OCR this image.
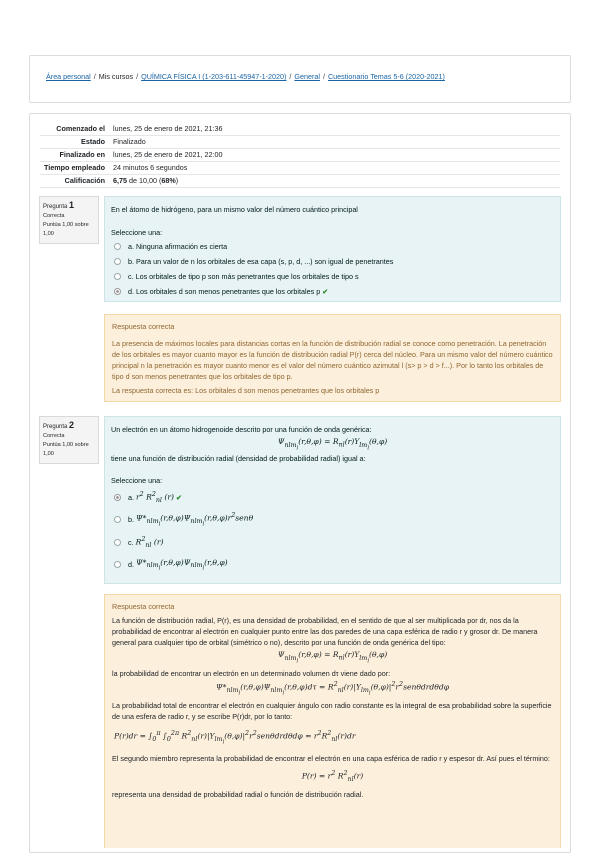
Área personal / Mis cursos / QUÍMICA FÍSICA I (1-203-611-45947-1-2020) / General / Cuestionario Temas 5-6 (2020-2021)
Comenzado el	lunes, 25 de enero de 2021, 21:36
Estado	Finalizado
Finalizado en	lunes, 25 de enero de 2021, 22:00
Tiempo empleado	24 minutos 6 segundos
Calificación	6,75 de 10,00 (68%)
Pregunta 1
Correcta
Puntúa 1,00 sobre 1,00

En el átomo de hidrógeno, para un mismo valor del número cuántico principal

Seleccione una:

a. Ninguna afirmación es cierta
b. Para un valor de n los orbitales de esa capa (s, p, d, ...) son igual de penetrantes
c. Los orbitales de tipo p son más penetrantes que los orbitales de tipo s
d. Los orbitales d son menos penetrantes que los orbitales p ✔

Respuesta correcta

La presencia de máximos locales para distancias cortas en la función de distribución radial se conoce como penetración. La penetración de los orbitales es mayor cuanto mayor es la función de distribución radial P(r) cerca del núcleo. Para un mismo valor del número cuántico principal n la penetración es mayor cuanto menor es el valor del número cuántico azimutal l (s> p > d > f...). Por lo tanto los orbitales de tipo d son menos penetrantes que los orbitales de tipo p.

La respuesta correcta es: Los orbitales d son menos penetrantes que los orbitales p

Pregunta 2
Correcta
Puntúa 1,00 sobre 1,00

Un electrón en un átomo hidrogenoide descrito por una función de onda genérica:

$\Psi_{nlm_l}(r,\theta,\varphi) = R_{nl}(r)Y_{lm_l}(\theta,\varphi)$

tiene una función de distribución radial (densidad de probabilidad radial) igual a:

Seleccione una:

a.
$r^2$ $R^2_{nl}$ (r) ✔
b.
$\Psi*_{nlm_l}(r,\theta,\varphi)\Psi_{nlm_l}(r,\theta,\varphi)r^2sen\theta$
c.
$R^2_{nl}$ (r)
d.
$\Psi*_{nlm_l}(r,\theta,\varphi)\Psi_{nlm_l}(r,\theta,\varphi)$

Respuesta correcta

La función de distribución radial, P(r), es una densidad de probabilidad, en el sentido de que al ser multiplicada por dr, nos da la probabilidad de encontrar al electrón en cualquier punto entre las dos paredes de una capa esférica de radio r y grosor dr. De manera general para cualquier tipo de orbital (simétrico o no), descrito por una función de onda genérica del tipo:

$\Psi_{nlm_l}(r,\theta,\varphi) = R_{nl}(r)Y_{lm_l}(\theta,\varphi)$

la probabilidad de encontrar un electrón en un determinado volumen dτ viene dado por:

$\Psi*_{nlm_l}(r,\theta,\varphi)\Psi_{nlm_l}(r,\theta,\varphi)d\tau = R^2_{nl}(r)|Y_{lm_l}(\theta,\varphi)|^2r^2sen\theta drd\theta d\varphi$

La probabilidad total de encontrar el electrón en cualquier ángulo con radio constante es la integral de esa probabilidad sobre la superficie de una esfera de radio r, y se escribe P(r)dr, por lo tanto:

$P(r)dr = \int_0^\pi$ $\int_0^{2\pi}$ $R^2_{nl}(r)|Y_{lm_l}(\theta,\varphi)|^2r^2sen\theta drd\theta d\varphi = r^2R^2_{nl}(r)dr$

El segundo miembro representa la probabilidad de encontrar el electrón en una capa esférica de radio r y espesor dr. Así pues el término:

$P(r) = r^2$ $R^2_{nl}(r)$

representa una densidad de probabilidad radial o función de distribución radial.
